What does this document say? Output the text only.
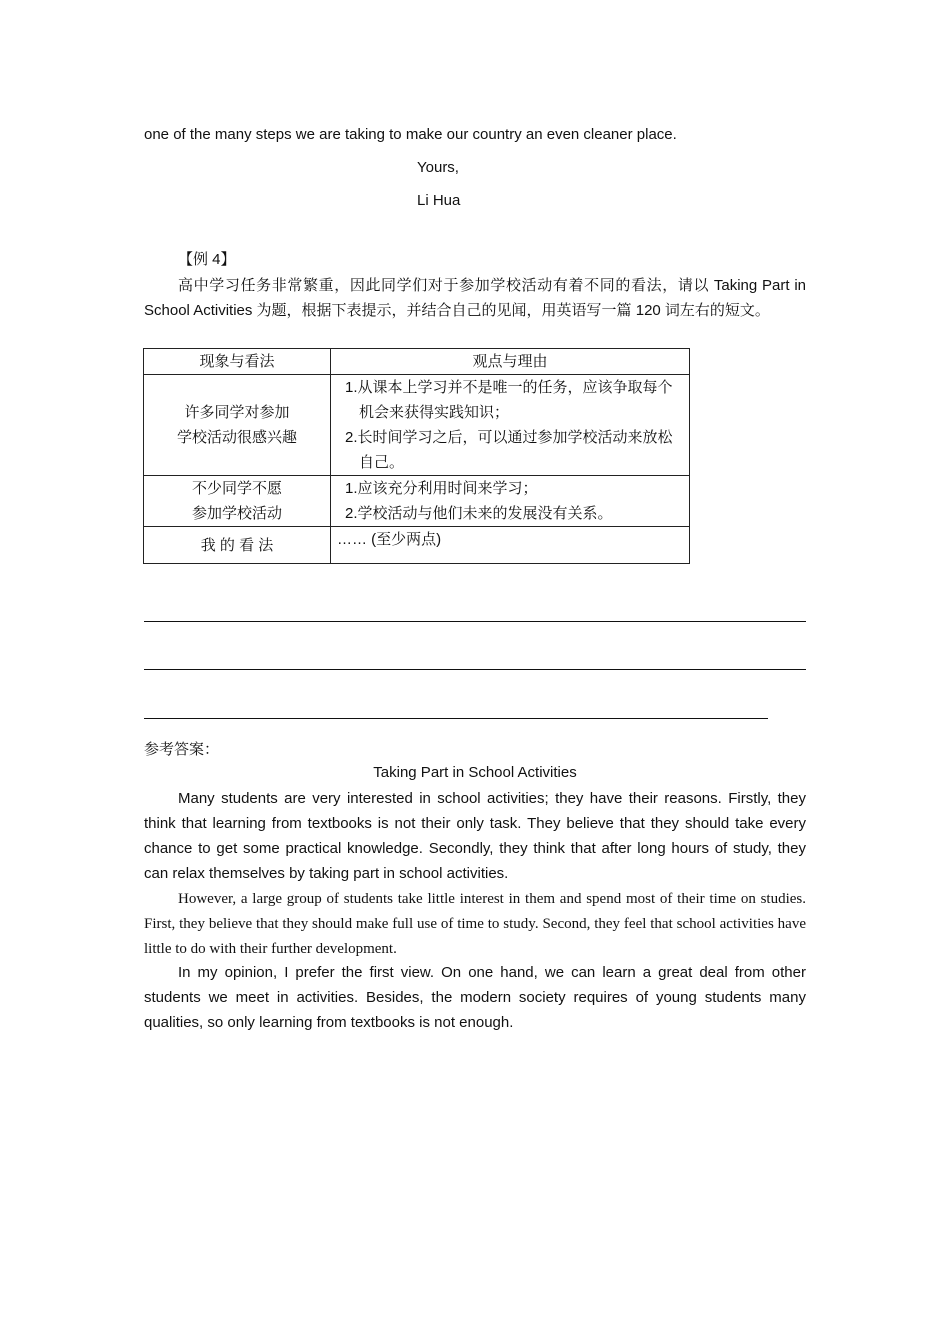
one of the many steps we are taking to make our country an even cleaner place.
Yours,
Li Hua
【例 4】

高中学习任务非常繁重，因此同学们对于参加学校活动有着不同的看法，请以 Taking Part in School Activities 为题，根据下表提示，并结合自己的见闻，用英语写一篇 120 词左右的短文。

现象与看法	观点与理由

许多同学对参加
学校活动很感兴趣	1.从课本上学习并不是唯一的任务，应该争取每个机会来获得实践知识；
2.长时间学习之后，可以通过参加学校活动来放松自己。

不少同学不愿
参加学校活动	1.应该充分利用时间来学习；
2.学校活动与他们未来的发展没有关系。

我 的 看 法	…… (至少两点)
参考答案：
Taking Part in School Activities

Many students are very interested in school activities; they have their reasons. Firstly, they think that learning from textbooks is not their only task. They believe that they should take every chance to get some practical knowledge. Secondly, they think that after long hours of study, they can relax themselves by taking part in school activities.

However, a large group of students take little interest in them and spend most of their time on studies. First, they believe that they should make full use of time to study. Second, they feel that school activities have little to do with their further development.

In my opinion, I prefer the first view. On one hand, we can learn a great deal from other students we meet in activities. Besides, the modern society requires of young students many qualities, so only learning from textbooks is not enough.
